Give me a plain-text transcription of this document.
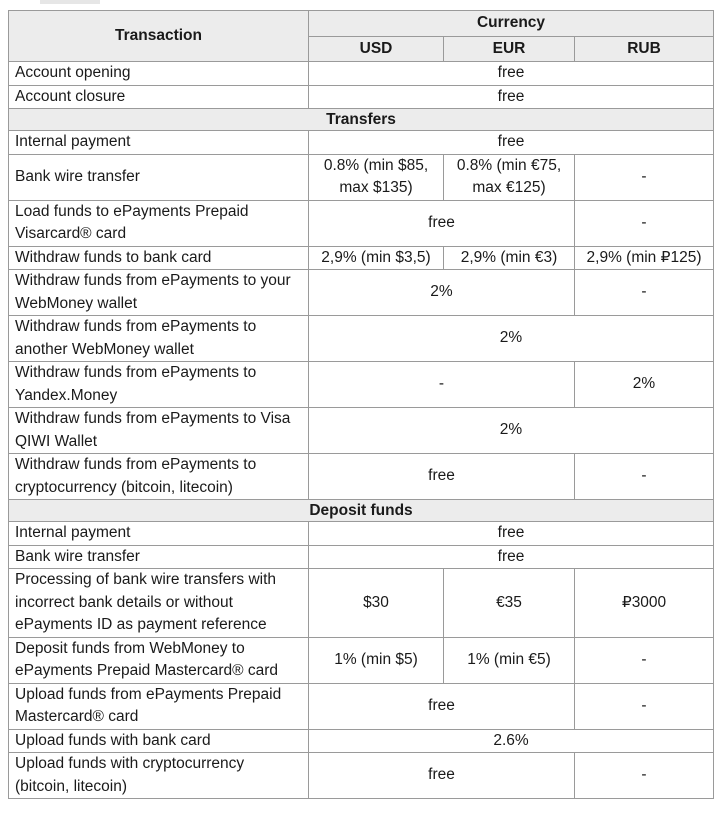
Transaction	Currency		
	USD	EUR	RUB
Account opening	free		
Account closure	free		
Transfers			
Internal payment	free		
Bank wire transfer	0.8% (min $85, max $135)	0.8% (min €75, max €125)	-
Load funds to ePayments Prepaid Visarcard® card	free		-
Withdraw funds to bank card	2,9% (min $3,5)	2,9% (min €3)	2,9% (min ₽125)
Withdraw funds from ePayments to your WebMoney wallet	2%		-
Withdraw funds from ePayments to another WebMoney wallet	2%		
Withdraw funds from ePayments to Yandex.Money	-		2%
Withdraw funds from ePayments to Visa QIWI Wallet	2%		
Withdraw funds from ePayments to cryptocurrency (bitcoin, litecoin)	free		-
Deposit funds			
Internal payment	free		
Bank wire transfer	free		
Processing of bank wire transfers with incorrect bank details or without ePayments ID as payment reference	$30	€35	₽3000
Deposit funds from WebMoney to ePayments Prepaid Mastercard® card	1% (min $5)	1% (min €5)	-
Upload funds from ePayments Prepaid Mastercard® card	free		-
Upload funds with bank card	2.6%		
Upload funds with cryptocurrency (bitcoin, litecoin)	free		-
